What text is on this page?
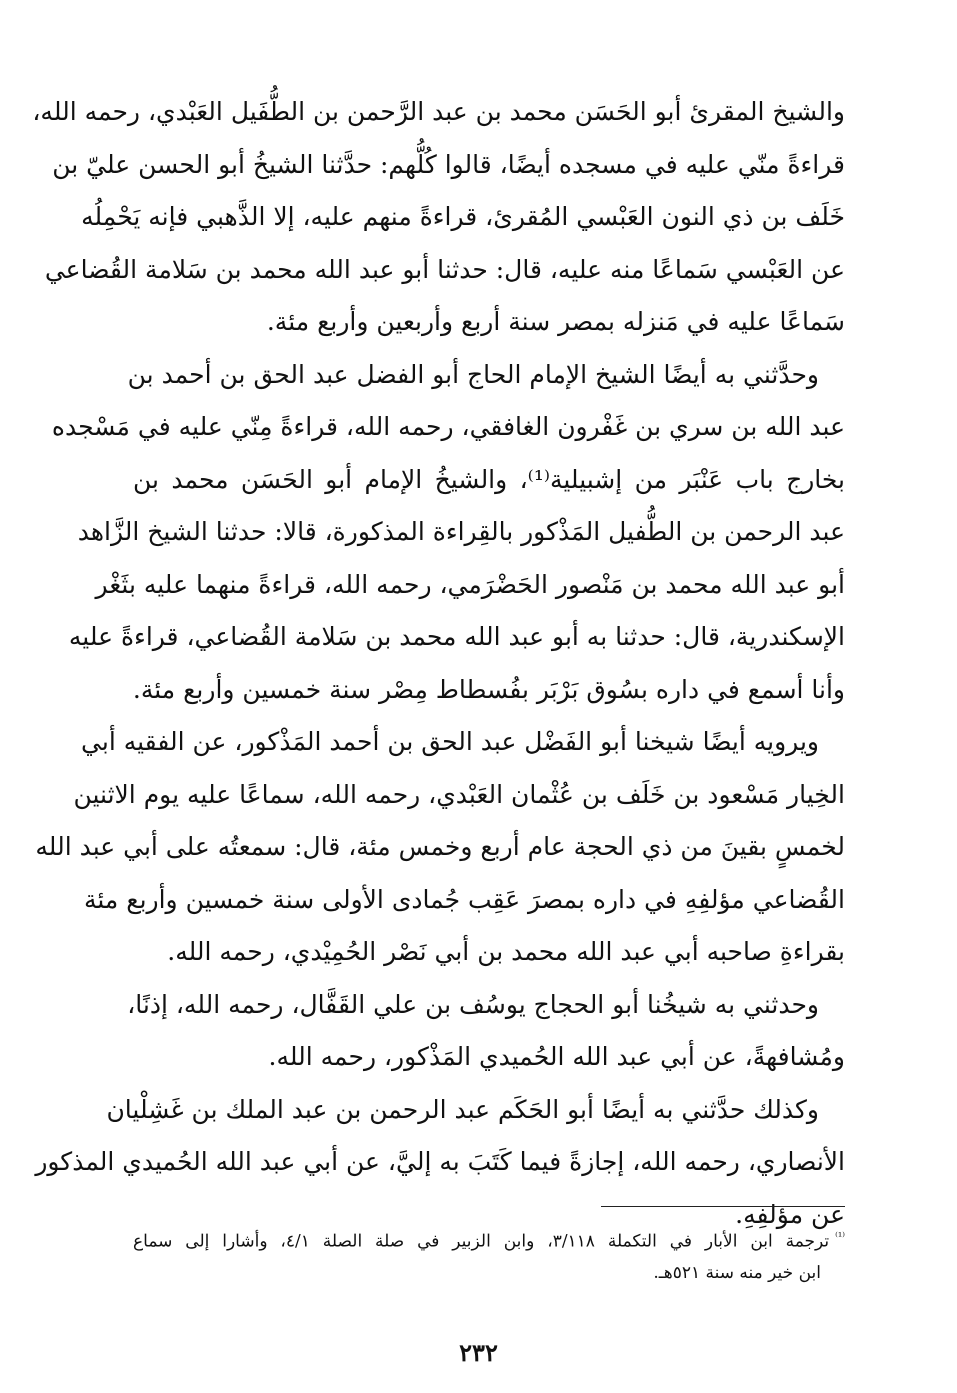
والشيخ المقرئ أبو الحَسَن محمد بن عبد الرَّحمن بن الطُّفَيل العَبْدي، رحمه الله،
قراءةً منّي عليه في مسجده أيضًا، قالوا كُلُّهم: حدَّثنا الشيخُ أبو الحسن عليّ بن
خَلَف بن ذي النون العَبْسي المُقرئ، قراءةً منهم عليه، إلا الذَّهبي فإنه يَحْمِلُه
عن العَبْسي سَماعًا منه عليه، قال: حدثنا أبو عبد الله محمد بن سَلامة القُضاعي
سَماعًا عليه في مَنزله بمصر سنة أربع وأربعين وأربع مئة.
وحدَّثني به أيضًا الشيخ الإمام الحاج أبو الفضل عبد الحق بن أحمد بن
عبد الله بن سري بن غَفْرون الغافقي، رحمه الله، قراءةً مِنّي عليه في مَسْجده
بخارج باب عَنْبَر من إشبيلية⁽¹⁾، والشيخُ الإمام أبو الحَسَن محمد بن
عبد الرحمن بن الطُّفيل المَذْكور بالقِراءة المذكورة، قالا: حدثنا الشيخ الزَّاهد
أبو عبد الله محمد بن مَنْصور الحَضْرَمي، رحمه الله، قراءةً منهما عليه بثَغْر
الإسكندرية، قال: حدثنا به أبو عبد الله محمد بن سَلامة القُضاعي، قراءةً عليه
وأنا أسمع في داره بسُوق بَرْبَر بفُسطاط مِصْر سنة خمسين وأربع مئة.
ويرويه أيضًا شيخنا أبو الفَضْل عبد الحق بن أحمد المَذْكور، عن الفقيه أبي
الخِيار مَسْعود بن خَلَف بن عُثْمان العَبْدي، رحمه الله، سماعًا عليه يوم الاثنين
لخمسٍ بقينَ من ذي الحجة عام أربع وخمس مئة، قال: سمعتُه على أبي عبد الله
القُضاعي مؤلفِهِ في داره بمصرَ عَقِب جُمادى الأولى سنة خمسين وأربع مئة
بقراءةِ صاحبه أبي عبد الله محمد بن أبي نَصْر الحُمِيْدي، رحمه الله.
وحدثني به شيخُنا أبو الحجاج يوسُف بن علي القَفَّال، رحمه الله، إذنًا،
ومُشافهةً، عن أبي عبد الله الحُميدي المَذْكور، رحمه الله.
وكذلك حدَّثني به أيضًا أبو الحَكَم عبد الرحمن بن عبد الملك بن غَشِلْيان
الأنصاري، رحمه الله، إجازةً فيما كَتَبَ به إليَّ، عن أبي عبد الله الحُميدي المذكور
عن مؤلفِهِ.
$^{^{(1)}}$ترجمة ابن الأبار في التكملة ٣/١١٨، وابن الزبير في صلة الصلة ٤/١، وأشارا إلى سماع
ابن خير منه سنة ٥٢١هـ.
٢٣٢
